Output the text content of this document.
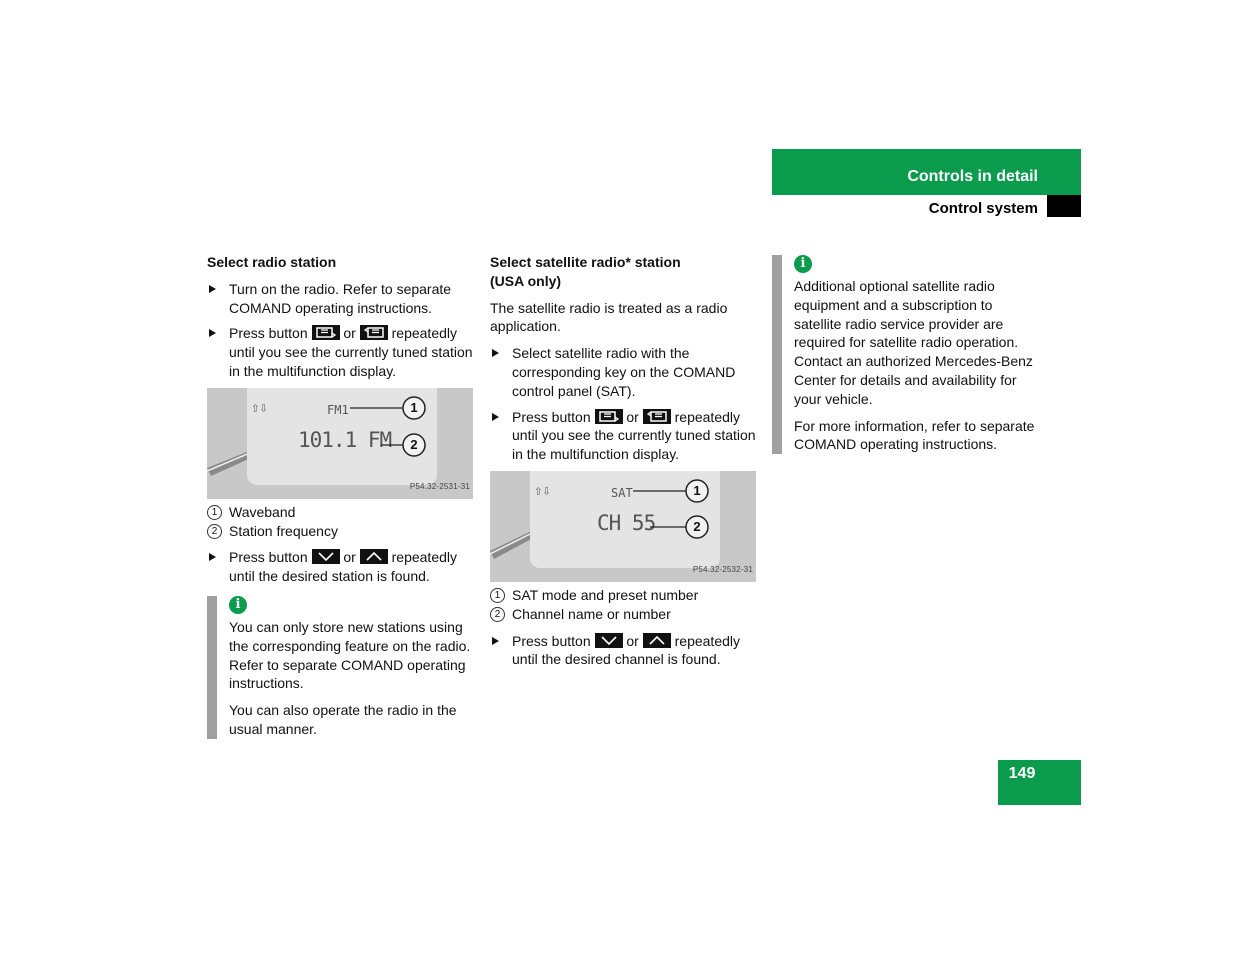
Controls in detail
Control system
Select radio station
Turn on the radio. Refer to separate COMAND operating instructions.
Press button	or	repeatedly until you see the currently tuned station in the multifunction display.
⇧⇩	FM1
101.1 FM
1
2
P54.32-2531-31
1 Waveband
2 Station frequency
Press button	or	repeatedly until the desired station is found.
i

You can only store new stations using the corresponding feature on the radio. Refer to separate COMAND operating instructions.

You can also operate the radio in the usual manner.

Select satellite radio* station
(USA only)
The satellite radio is treated as a radio application.
Select satellite radio with the corresponding key on the COMAND control panel (SAT).
Press button	or	repeatedly until you see the currently tuned station in the multifunction display.
⇧⇩	SAT
CH 55
1
2
P54.32-2532-31
1 SAT mode and preset number
2 Channel name or number
Press button	or	repeatedly until the desired channel is found.
i

Additional optional satellite radio equipment and a subscription to satellite radio service provider are required for satellite radio operation. Contact an authorized Mercedes-Benz Center for details and availability for your vehicle.

For more information, refer to separate COMAND operating instructions.

149
